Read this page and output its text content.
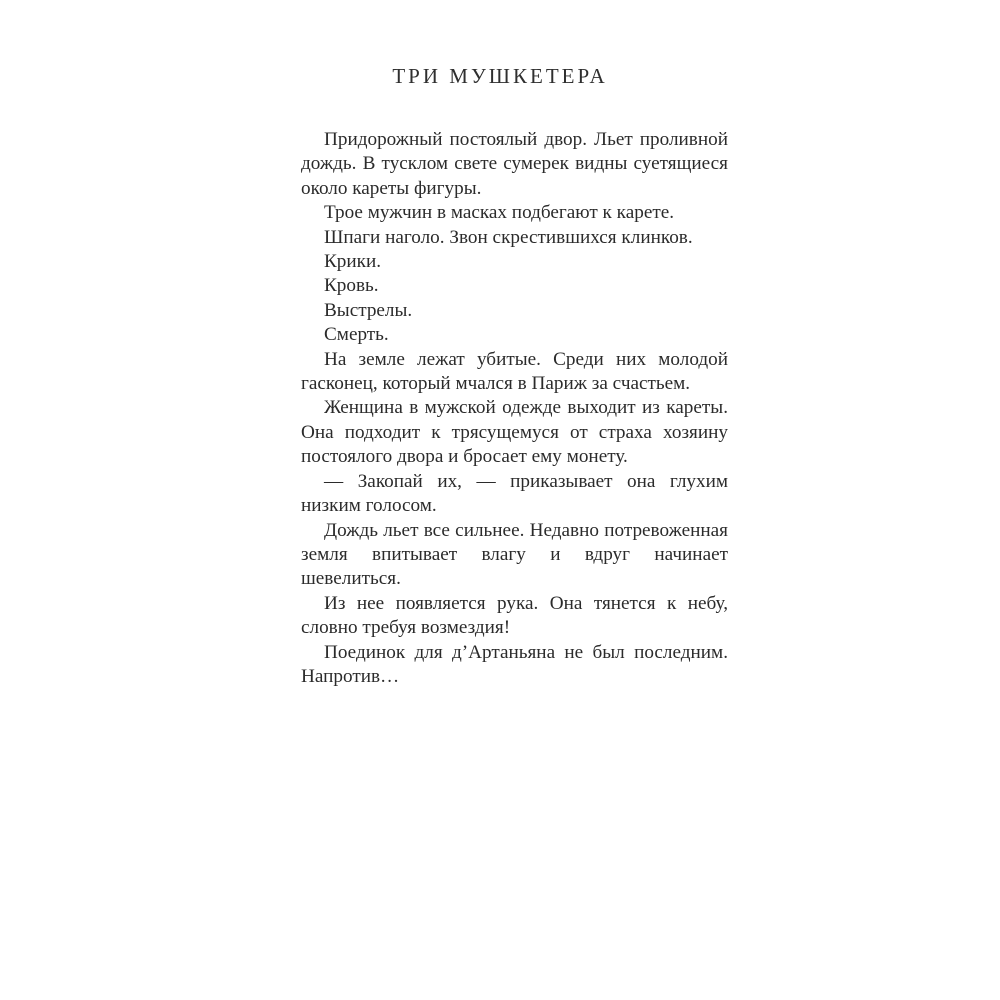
ТРИ МУШКЕТЕРА

Придорожный постоялый двор. Льет проливной дождь. В тусклом свете сумерек видны суетящиеся около кареты фигуры.

Трое мужчин в масках подбегают к карете.

Шпаги наголо. Звон скрестившихся клинков.

Крики.

Кровь.

Выстрелы.

Смерть.

На земле лежат убитые. Среди них молодой гасконец, который мчался в Париж за счастьем.

Женщина в мужской одежде выходит из кареты. Она подходит к трясущемуся от страха хозяину постоялого двора и бросает ему монету.

— Закопай их, — приказывает она глухим низким голосом.

Дождь льет все сильнее. Недавно потревоженная земля впитывает влагу и вдруг начинает шевелиться.

Из нее появляется рука. Она тянется к небу, словно требуя возмездия!

Поединок для д’Артаньяна не был последним. Напротив…
